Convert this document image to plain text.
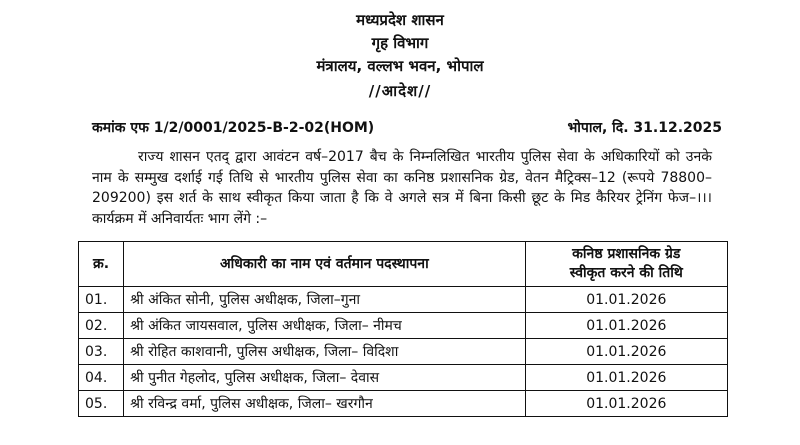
मध्यप्रदेश शासन
गृह विभाग
मंत्रालय, वल्लभ भवन, भोपाल
//आदेश//
कमांक एफ 1/2/0001/2025-B-2-02(HOM)	भोपाल, दि. 31.12.2025
राज्य शासन एतद् द्वारा आवंटन वर्ष–2017 बैच के निम्नलिखित भारतीय पुलिस सेवा के अधिकारियों को उनके नाम के सम्मुख दर्शाई गई तिथि से भारतीय पुलिस सेवा का कनिष्ठ प्रशासनिक ग्रेड, वेतन मैट्रिक्स–12 (रूपये 78800–209200) इस शर्त के साथ स्वीकृत किया जाता है कि वे अगले सत्र में बिना किसी छूट के मिड कैरियर ट्रेनिंग फेज–।।। कार्यक्रम में अनिवार्यतः भाग लेंगे :–
क्र.	अधिकारी का नाम एवं वर्तमान पदस्थापना	कनिष्ठ प्रशासनिक ग्रेड
स्वीकृत करने की तिथि

01.	श्री अंकित सोनी, पुलिस अधीक्षक, जिला–गुना	01.01.2026
02.	श्री अंकित जायसवाल, पुलिस अधीक्षक, जिला– नीमच	01.01.2026
03.	श्री रोहित काशवानी, पुलिस अधीक्षक, जिला– विदिशा	01.01.2026
04.	श्री पुनीत गेहलोद, पुलिस अधीक्षक, जिला– देवास	01.01.2026
05.	श्री रविन्द्र वर्मा, पुलिस अधीक्षक, जिला– खरगौन	01.01.2026
